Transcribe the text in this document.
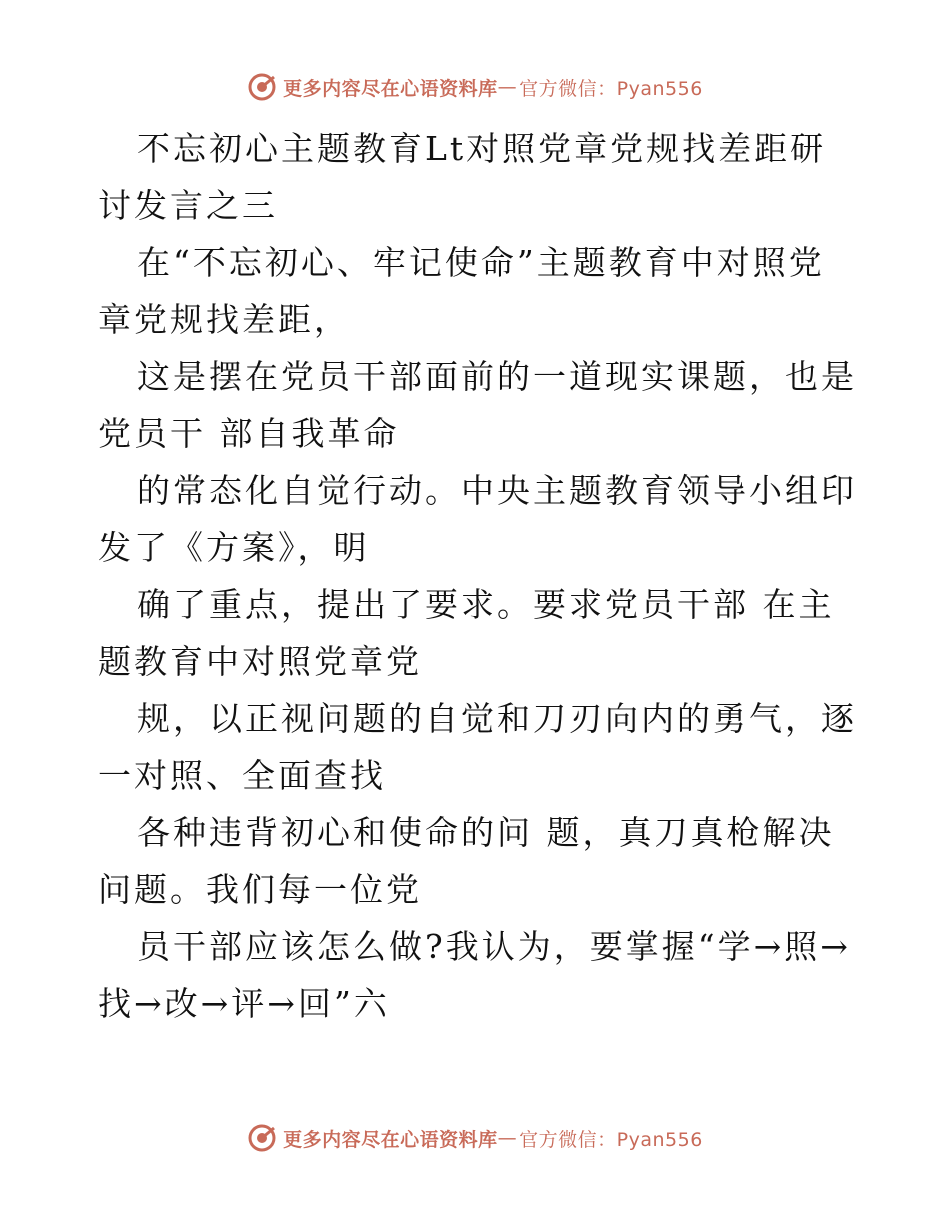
更多内容尽在心语资料库 — 官方微信：Pyan556

不忘初心主题教育Lt对照党章党规找差距研讨发言之三

在“不忘初心、牢记使命”主题教育中对照党章党规找差距，

这是摆在党员干部面前的一道现实课题，也是党员干 部自我革命

的常态化自觉行动。中央主题教育领导小组印发了《方案》，明

确了重点，提出了要求。要求党员干部 在主题教育中对照党章党

规，以正视问题的自觉和刀刃向内的勇气，逐一对照、全面查找

各种违背初心和使命的问 题，真刀真枪解决问题。我们每一位党

员干部应该怎么做?我认为，要掌握“学→照→找→改→评→回”六

更多内容尽在心语资料库 — 官方微信：Pyan556
